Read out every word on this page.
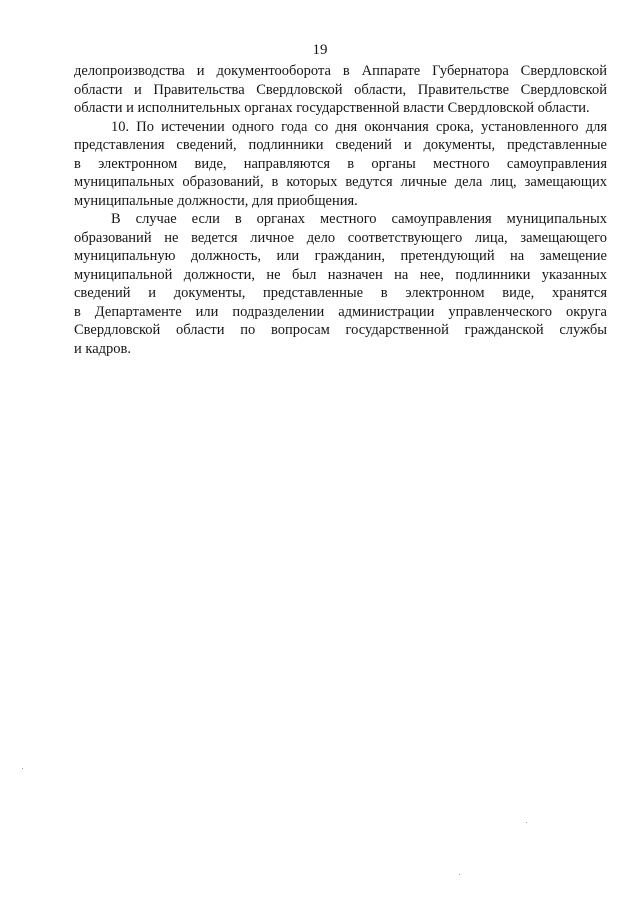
19
делопроизводства и документооборота в Аппарате Губернатора Свердловской
области и Правительства Свердловской области, Правительстве Свердловской
области и исполнительных органах государственной власти Свердловской области.
10. По истечении одного года со дня окончания срока, установленного для
представления сведений, подлинники сведений и документы, представленные
в электронном виде, направляются в органы местного самоуправления
муниципальных образований, в которых ведутся личные дела лиц, замещающих
муниципальные должности, для приобщения.
В случае если в органах местного самоуправления муниципальных
образований не ведется личное дело соответствующего лица, замещающего
муниципальную должность, или гражданин, претендующий на замещение
муниципальной должности, не был назначен на нее, подлинники указанных
сведений и документы, представленные в электронном виде, хранятся
в Департаменте или подразделении администрации управленческого округа
Свердловской области по вопросам государственной гражданской службы
и кадров.
